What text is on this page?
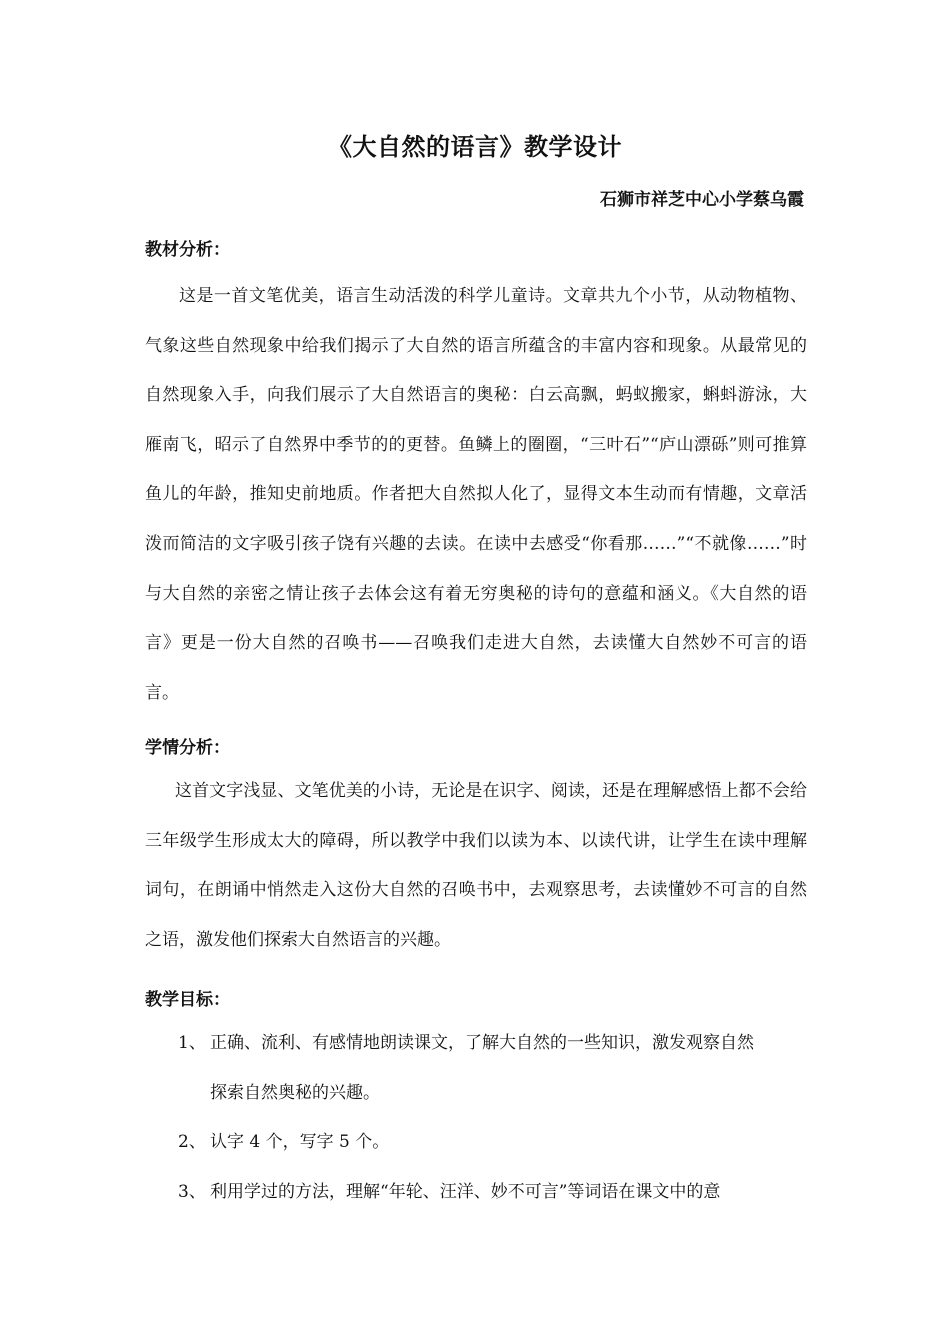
《大自然的语言》教学设计

石狮市祥芝中心小学蔡乌霞

教材分析：

这是一首文笔优美，语言生动活泼的科学儿童诗。文章共九个小节，从动物植物、气象这些自然现象中给我们揭示了大自然的语言所蕴含的丰富内容和现象。从最常见的自然现象入手，向我们展示了大自然语言的奥秘：白云高飘，蚂蚁搬家，蝌蚪游泳，大雁南飞，昭示了自然界中季节的的更替。鱼鳞上的圈圈，“三叶石”“庐山漂砾”则可推算鱼儿的年龄，推知史前地质。作者把大自然拟人化了，显得文本生动而有情趣，文章活泼而简洁的文字吸引孩子饶有兴趣的去读。在读中去感受“你看那……”“不就像……”时与大自然的亲密之情让孩子去体会这有着无穷奥秘的诗句的意蕴和涵义。《大自然的语言》更是一份大自然的召唤书——召唤我们走进大自然，去读懂大自然妙不可言的语言。

学情分析：

这首文字浅显、文笔优美的小诗，无论是在识字、阅读，还是在理解感悟上都不会给三年级学生形成太大的障碍，所以教学中我们以读为本、以读代讲，让学生在读中理解词句，在朗诵中悄然走入这份大自然的召唤书中，去观察思考，去读懂妙不可言的自然之语，激发他们探索大自然语言的兴趣。

教学目标：

1、 正确、流利、有感情地朗读课文，了解大自然的一些知识，激发观察自然
探索自然奥秘的兴趣。
2、 认字 4 个，写字 5 个。
3、 利用学过的方法，理解“年轮、汪洋、妙不可言”等词语在课文中的意
